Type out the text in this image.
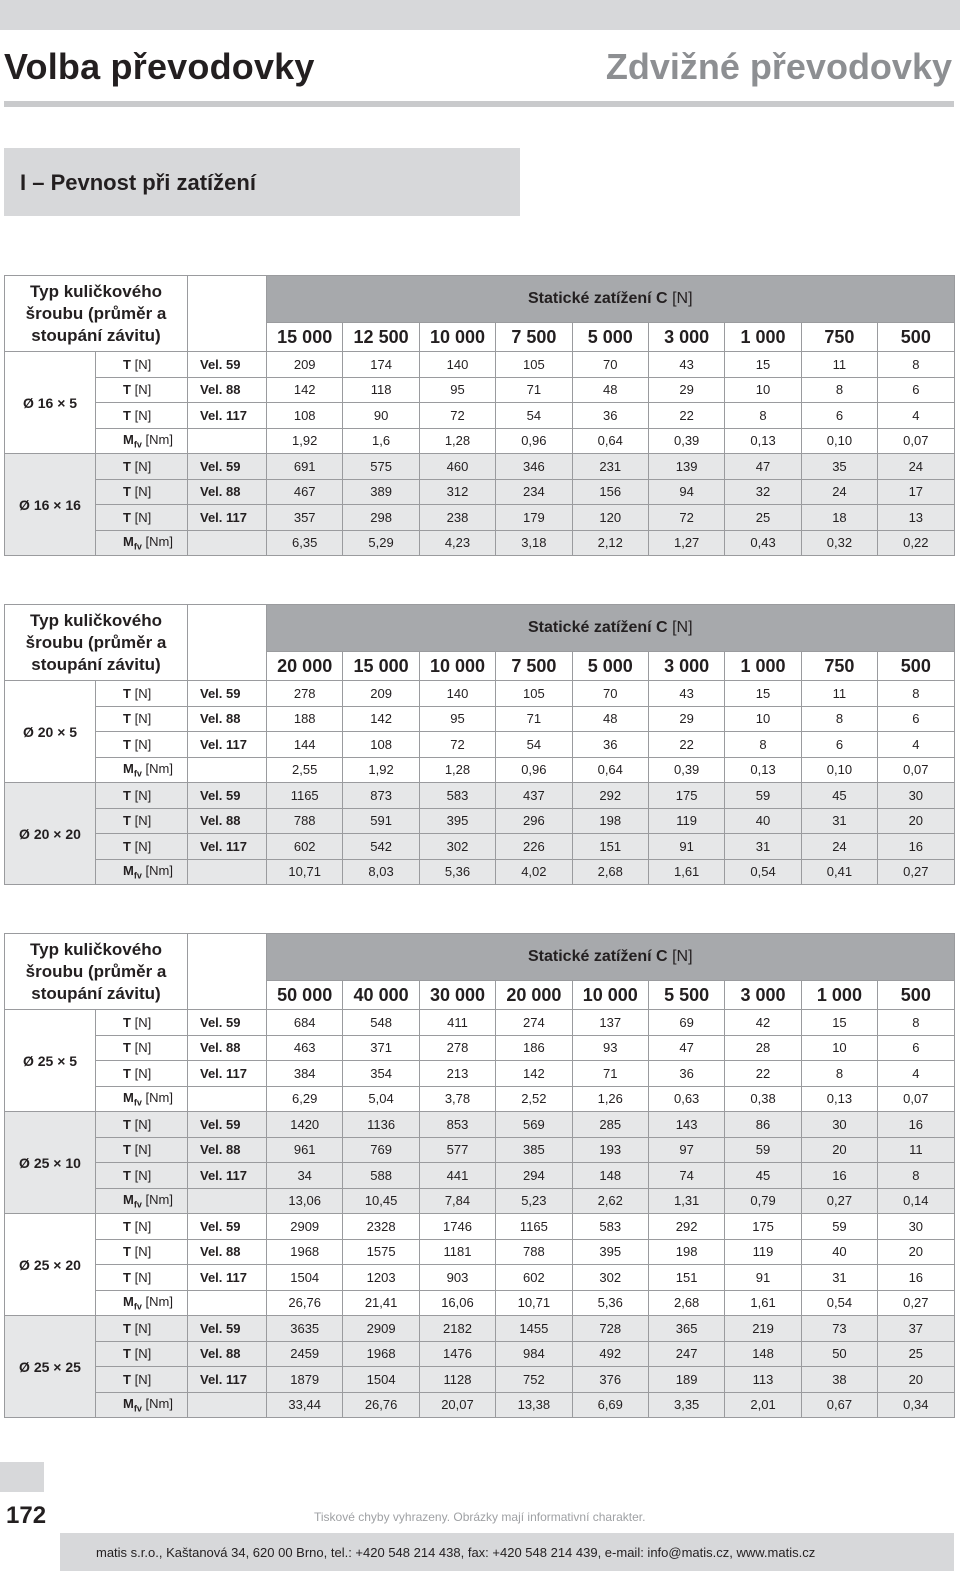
Volba převodovky	Zdvižné převodovky
I – Pevnost při zatížení
Typ kuličkového šroubu (průměr a stoupání závitu)			Statické zatížení C [N]								
			15 000	12 500	10 000	7 500	5 000	3 000	1 000	750	500
Ø 16 × 5	T [N]	Vel. 59	209	174	140	105	70	43	15	11	8
	T [N]	Vel. 88	142	118	95	71	48	29	10	8	6
	T [N]	Vel. 117	108	90	72	54	36	22	8	6	4
	$M_{fv}$ [Nm]		1,92	1,6	1,28	0,96	0,64	0,39	0,13	0,10	0,07
Ø 16 × 16	T [N]	Vel. 59	691	575	460	346	231	139	47	35	24
	T [N]	Vel. 88	467	389	312	234	156	94	32	24	17
	T [N]	Vel. 117	357	298	238	179	120	72	25	18	13
	$M_{fv}$ [Nm]		6,35	5,29	4,23	3,18	2,12	1,27	0,43	0,32	0,22
Typ kuličkového šroubu (průměr a stoupání závitu)			Statické zatížení C [N]								
			20 000	15 000	10 000	7 500	5 000	3 000	1 000	750	500
Ø 20 × 5	T [N]	Vel. 59	278	209	140	105	70	43	15	11	8
	T [N]	Vel. 88	188	142	95	71	48	29	10	8	6
	T [N]	Vel. 117	144	108	72	54	36	22	8	6	4
	$M_{fv}$ [Nm]		2,55	1,92	1,28	0,96	0,64	0,39	0,13	0,10	0,07
Ø 20 × 20	T [N]	Vel. 59	1165	873	583	437	292	175	59	45	30
	T [N]	Vel. 88	788	591	395	296	198	119	40	31	20
	T [N]	Vel. 117	602	542	302	226	151	91	31	24	16
	$M_{fv}$ [Nm]		10,71	8,03	5,36	4,02	2,68	1,61	0,54	0,41	0,27
Typ kuličkového šroubu (průměr a stoupání závitu)			Statické zatížení C [N]								
			50 000	40 000	30 000	20 000	10 000	5 500	3 000	1 000	500
Ø 25 × 5	T [N]	Vel. 59	684	548	411	274	137	69	42	15	8
	T [N]	Vel. 88	463	371	278	186	93	47	28	10	6
	T [N]	Vel. 117	384	354	213	142	71	36	22	8	4
	$M_{fv}$ [Nm]		6,29	5,04	3,78	2,52	1,26	0,63	0,38	0,13	0,07
Ø 25 × 10	T [N]	Vel. 59	1420	1136	853	569	285	143	86	30	16
	T [N]	Vel. 88	961	769	577	385	193	97	59	20	11
	T [N]	Vel. 117	34	588	441	294	148	74	45	16	8
	$M_{fv}$ [Nm]		13,06	10,45	7,84	5,23	2,62	1,31	0,79	0,27	0,14
Ø 25 × 20	T [N]	Vel. 59	2909	2328	1746	1165	583	292	175	59	30
	T [N]	Vel. 88	1968	1575	1181	788	395	198	119	40	20
	T [N]	Vel. 117	1504	1203	903	602	302	151	91	31	16
	$M_{fv}$ [Nm]		26,76	21,41	16,06	10,71	5,36	2,68	1,61	0,54	0,27
Ø 25 × 25	T [N]	Vel. 59	3635	2909	2182	1455	728	365	219	73	37
	T [N]	Vel. 88	2459	1968	1476	984	492	247	148	50	25
	T [N]	Vel. 117	1879	1504	1128	752	376	189	113	38	20
	$M_{fv}$ [Nm]		33,44	26,76	20,07	13,38	6,69	3,35	2,01	0,67	0,34
172	Tiskové chyby vyhrazeny. Obrázky mají informativní charakter.
matis s.r.o., Kaštanová 34, 620 00 Brno, tel.: +420 548 214 438, fax: +420 548 214 439, e-mail: info@matis.cz, www.matis.cz
